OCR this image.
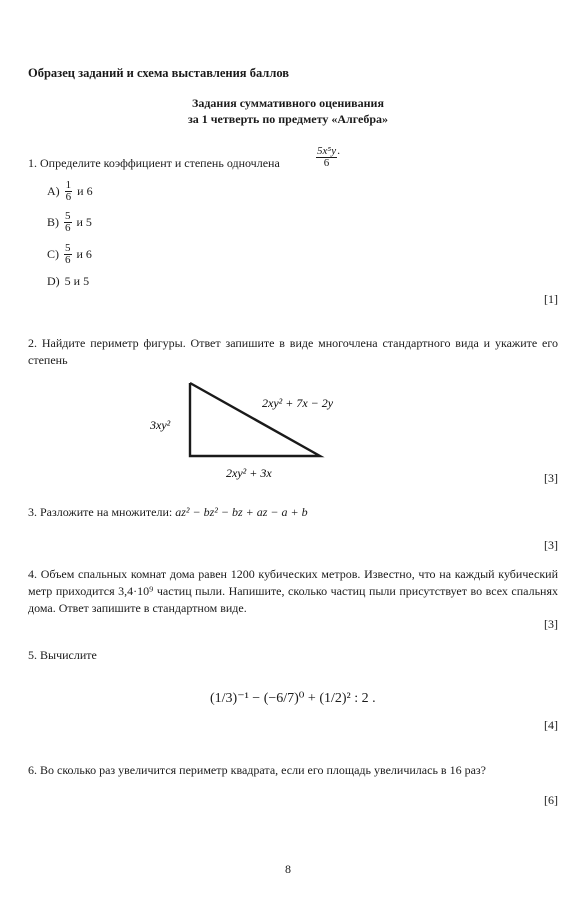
Образец заданий и схема выставления баллов
Задания суммативного оценивания
за 1 четверть по предмету «Алгебра»
1. Определите коэффициент и степень одночлена	$\frac{\text{5x⁵y}}{6}$ .
$A) \frac{1}{6}$ и 6
$B) \frac{5}{6}$ и 5
$C) \frac{5}{6}$ и 6
D) 5 и 5
[1]
2. Найдите периметр фигуры. Ответ запишите в виде многочлена стандартного вида и укажите его степень
3xy²
2xy² + 7x − 2y
2xy² + 3x	[3]
3. Разложите на множители: az² − bz² − bz + az − a + b
[3]
4. Объем спальных комнат дома равен 1200 кубических метров. Известно, что на каждый кубический метр приходится 3,4·10⁹ частиц пыли. Напишите, сколько частиц пыли присутствует во всех спальнях дома. Ответ запишите в стандартном виде.
[3]
5. Вычислите
(1/3)⁻¹ − (−6/7)⁰ + (1/2)² : 2 .
[4]
6. Во сколько раз увеличится периметр квадрата, если его площадь увеличилась в 16 раз?
[6]
8
